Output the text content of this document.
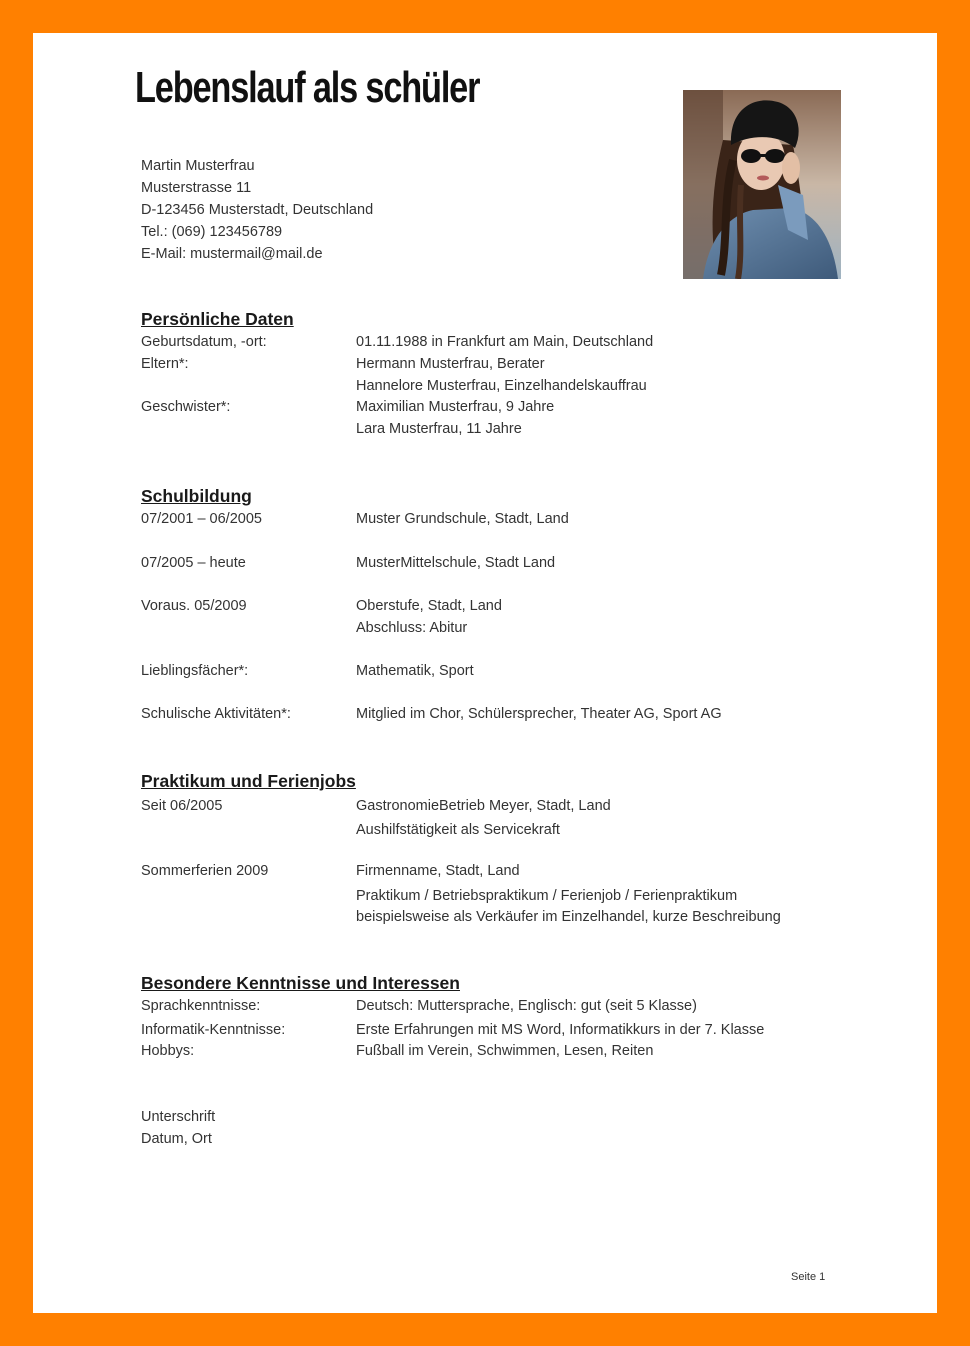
Lebenslauf als schüler
Martin Musterfrau
Musterstrasse 11
D-123456 Musterstadt, Deutschland
Tel.: (069) 123456789
E-Mail: mustermail@mail.de
Persönliche Daten
Geburtsdatum, -ort:	01.11.1988 in Frankfurt am Main, Deutschland
Eltern*:	Hermann Musterfrau, Berater
Hannelore Musterfrau, Einzelhandelskauffrau
Geschwister*:	Maximilian Musterfrau, 9 Jahre
Lara Musterfrau, 11 Jahre
Schulbildung
07/2001 – 06/2005	Muster Grundschule, Stadt, Land
07/2005 – heute	MusterMittelschule, Stadt Land
Voraus. 05/2009	Oberstufe, Stadt, Land
Abschluss: Abitur
Lieblingsfächer*:	Mathematik, Sport
Schulische Aktivitäten*:	Mitglied im Chor, Schülersprecher, Theater AG, Sport AG
Praktikum und Ferienjobs
Seit 06/2005	GastronomieBetrieb Meyer, Stadt, Land
Aushilfstätigkeit als Servicekraft
Sommerferien 2009	Firmenname, Stadt, Land
Praktikum / Betriebspraktikum / Ferienjob / Ferienpraktikum
beispielsweise als Verkäufer im Einzelhandel, kurze Beschreibung
Besondere Kenntnisse und Interessen
Sprachkenntnisse:	Deutsch: Muttersprache, Englisch: gut (seit 5 Klasse)
Informatik-Kenntnisse:	Erste Erfahrungen mit MS Word, Informatikkurs in der 7. Klasse
Hobbys:	Fußball im Verein, Schwimmen, Lesen, Reiten
Unterschrift
Datum, Ort
Seite 1
